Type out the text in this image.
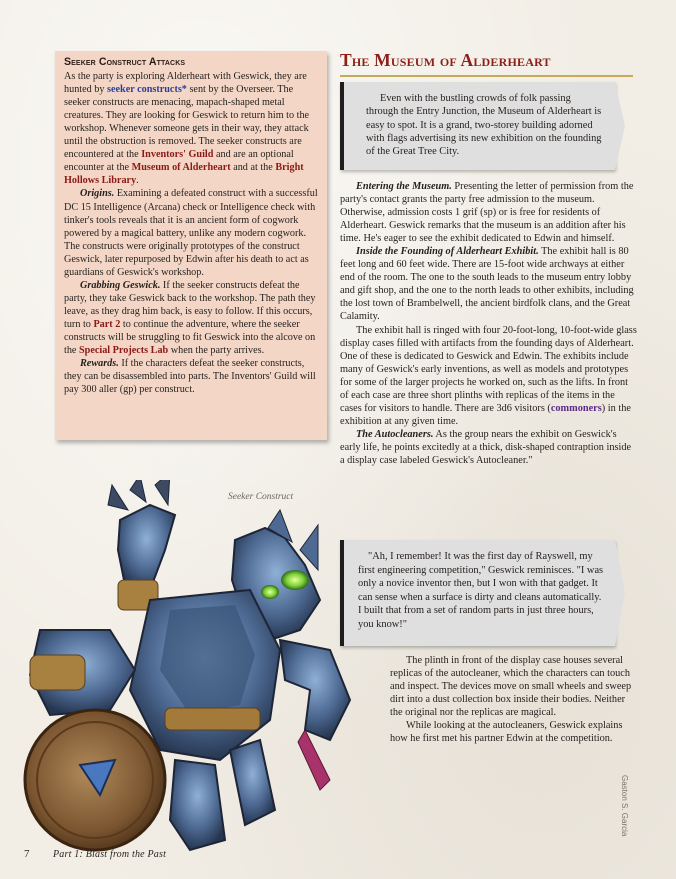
Seeker Construct Attacks

As the party is exploring Alderheart with Geswick, they are hunted by seeker constructs* sent by the Overseer. The seeker constructs are menacing, mapach-shaped metal creatures. They are looking for Geswick to return him to the workshop. Whenever someone gets in their way, they attack until the obstruction is removed. The seeker constructs are encountered at the Inventors' Guild and are an optional encounter at the Museum of Alderheart and at the Bright Hollows Library.

Origins. Examining a defeated construct with a successful DC 15 Intelligence (Arcana) check or Intelligence check with tinker's tools reveals that it is an ancient form of cogwork powered by a magical battery, unlike any modern cogwork. The constructs were originally prototypes of the construct Geswick, later repurposed by Edwin after his death to act as guardians of Geswick's workshop.

Grabbing Geswick. If the seeker constructs defeat the party, they take Geswick back to the workshop. The path they leave, as they drag him back, is easy to follow. If this occurs, turn to Part 2 to continue the adventure, where the seeker constructs will be struggling to fit Geswick into the alcove on the Special Projects Lab when the party arrives.

Rewards. If the characters defeat the seeker constructs, they can be disassembled into parts. The Inventors' Guild will pay 300 aller (gp) per construct.

The Museum of Alderheart

Even with the bustling crowds of folk passing through the Entry Junction, the Museum of Alderheart is easy to spot. It is a grand, two-storey building adorned with flags advertising its new exhibition on the founding of the Great Tree City.

Entering the Museum. Presenting the letter of permission from the party's contact grants the party free admission to the museum. Otherwise, admission costs 1 grif (sp) or is free for residents of Alderheart. Geswick remarks that the museum is an addition after his time. He's eager to see the exhibit dedicated to Edwin and himself.

Inside the Founding of Alderheart Exhibit. The exhibit hall is 80 feet long and 60 feet wide. There are 15-foot wide archways at either end of the room. The one to the south leads to the museum entry lobby and gift shop, and the one to the north leads to other exhibits, including the lost town of Brambelwell, the ancient birdfolk clans, and the Great Calamity.

The exhibit hall is ringed with four 20-foot-long, 10-foot-wide glass display cases filled with artifacts from the founding days of Alderheart. One of these is dedicated to Geswick and Edwin. The exhibits include many of Geswick's early inventions, as well as models and prototypes for some of the larger projects he worked on, such as the lifts. In front of each case are three short plinths with replicas of the items in the cases for visitors to handle. There are 3d6 visitors (commoners) in the exhibition at any given time.

The Autocleaners. As the group nears the exhibit on Geswick's early life, he points excitedly at a thick, disk-shaped contraption inside a display case labeled Geswick's Autocleaner."

"Ah, I remember! It was the first day of Rayswell, my first engineering competition," Geswick reminisces. "I was only a novice inventor then, but I won with that gadget. It can sense when a surface is dirty and cleans automatically. I built that from a set of random parts in just three hours, you know!"

The plinth in front of the display case houses several replicas of the autocleaner, which the characters can touch and inspect. The devices move on small wheels and sweep dirt into a dust collection box inside their bodies. Neither the original nor the replicas are magical.

While looking at the autocleaners, Geswick explains how he first met his partner Edwin at the competition.

Seeker Construct
Gaston S. Garcia
7 Part 1: Blast from the Past
